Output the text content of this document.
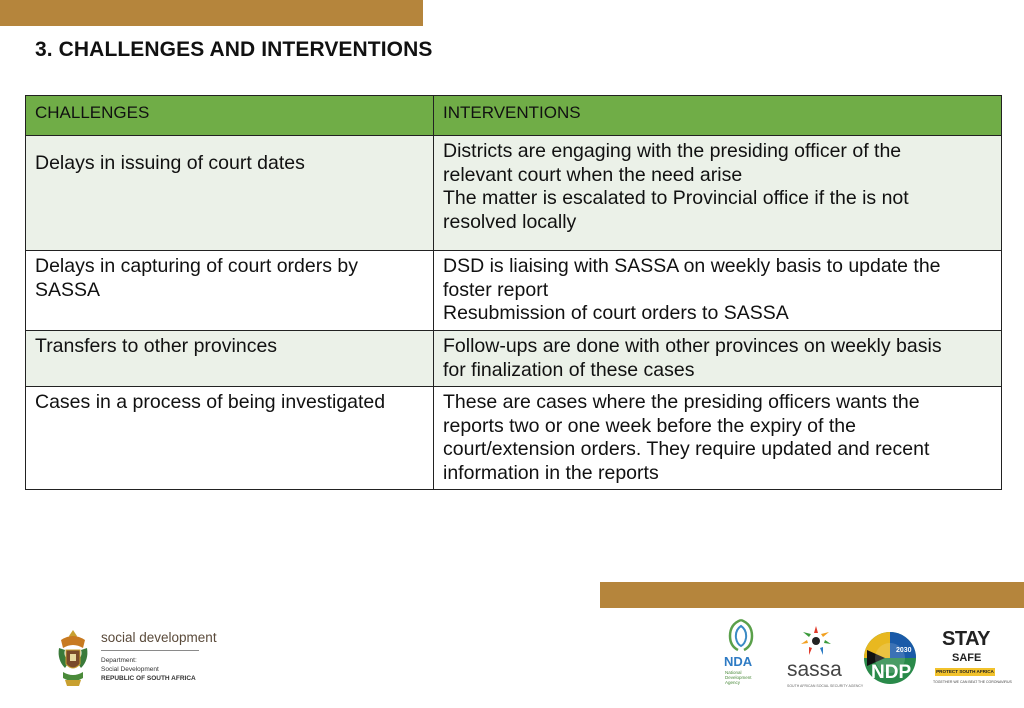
3. CHALLENGES AND INTERVENTIONS
CHALLENGES	INTERVENTIONS

Delays in issuing of court dates	Districts are engaging with the presiding officer of the
relevant court when the need arise
The matter is escalated to Provincial office if the is not
resolved locally

Delays in capturing of court orders by
SASSA	DSD is liaising with SASSA on weekly basis to update the
foster report
Resubmission of court orders to SASSA

Transfers to other provinces	Follow-ups are done with other provinces on weekly basis
for finalization of these cases

Cases in a process of being investigated	These are cases where the presiding officers wants the
reports two or one week before the expiry of the
court/extension orders. They require updated and recent
information in the reports
social development
Department:
Social Development
REPUBLIC OF SOUTH AFRICA
NDA
National
Development
Agency
sassa
SOUTH AFRICAN SOCIAL SECURITY AGENCY
2030
NDP
STAY
SAFE
PROTECT SOUTH AFRICA
TOGETHER WE CAN BEAT THE CORONAVIRUS
